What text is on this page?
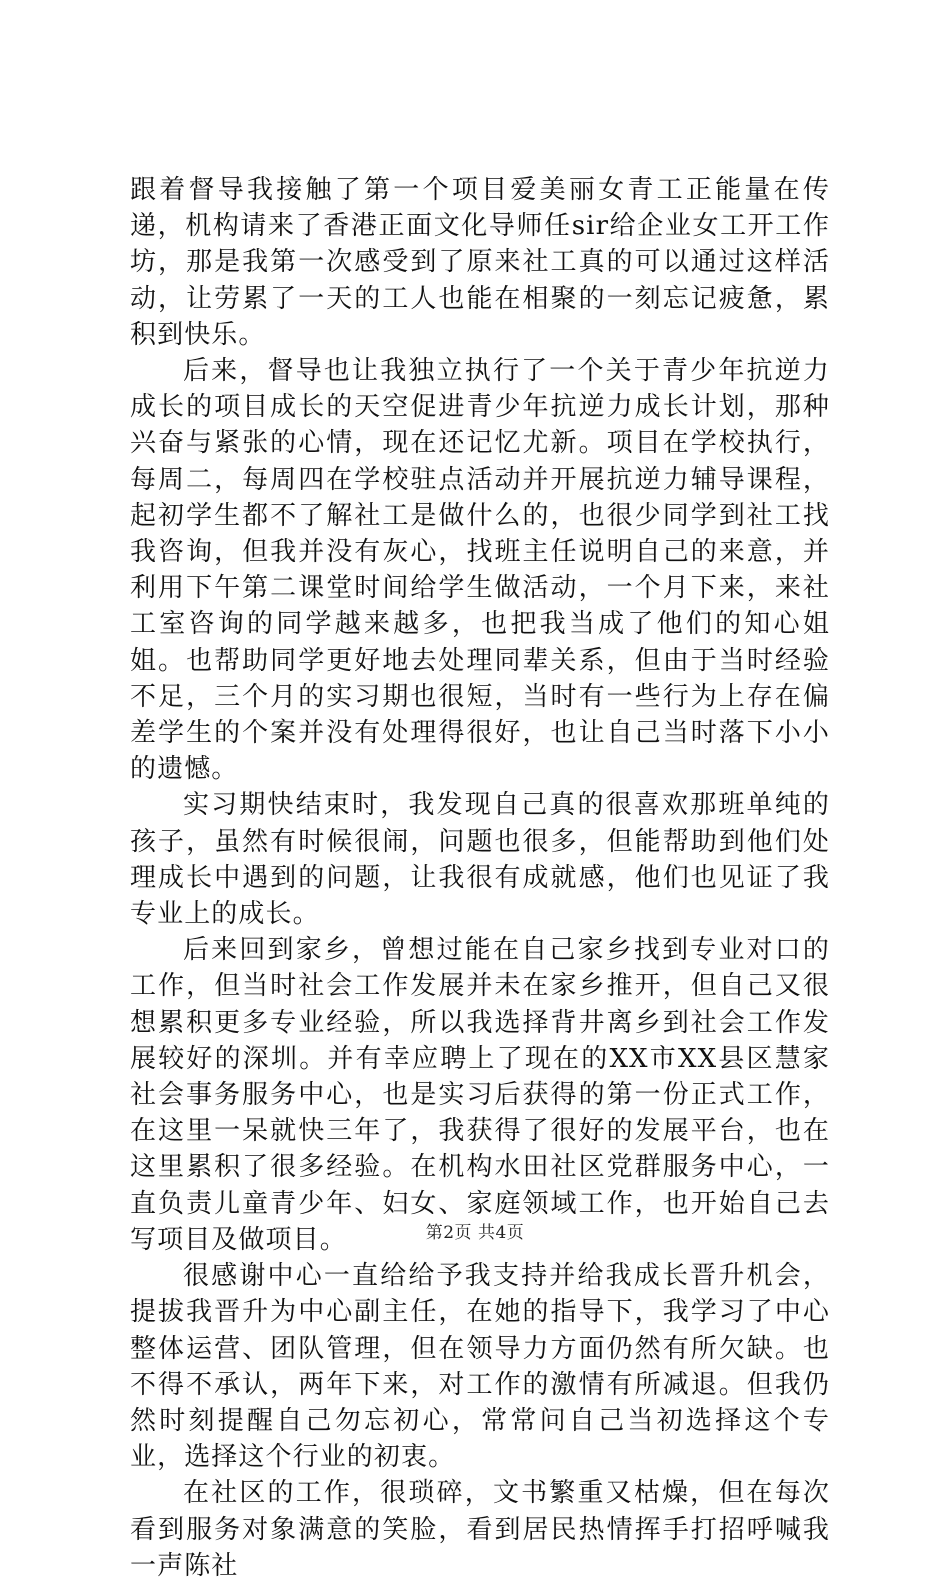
跟着督导我接触了第一个项目爱美丽女青工正能量在传递，机构请来了香港正面文化导师任sir给企业女工开工作坊，那是我第一次感受到了原来社工真的可以通过这样活动，让劳累了一天的工人也能在相聚的一刻忘记疲惫，累积到快乐。

后来，督导也让我独立执行了一个关于青少年抗逆力成长的项目成长的天空促进青少年抗逆力成长计划，那种兴奋与紧张的心情，现在还记忆尤新。项目在学校执行，每周二，每周四在学校驻点活动并开展抗逆力辅导课程，起初学生都不了解社工是做什么的，也很少同学到社工找我咨询，但我并没有灰心，找班主任说明自己的来意，并利用下午第二课堂时间给学生做活动，一个月下来，来社工室咨询的同学越来越多，也把我当成了他们的知心姐姐。也帮助同学更好地去处理同辈关系，但由于当时经验不足，三个月的实习期也很短，当时有一些行为上存在偏差学生的个案并没有处理得很好，也让自己当时落下小小的遗憾。

实习期快结束时，我发现自己真的很喜欢那班单纯的孩子，虽然有时候很闹，问题也很多，但能帮助到他们处理成长中遇到的问题，让我很有成就感，他们也见证了我专业上的成长。

后来回到家乡，曾想过能在自己家乡找到专业对口的工作，但当时社会工作发展并未在家乡推开，但自己又很想累积更多专业经验，所以我选择背井离乡到社会工作发展较好的深圳。并有幸应聘上了现在的XX市XX县区慧家社会事务服务中心，也是实习后获得的第一份正式工作，在这里一呆就快三年了，我获得了很好的发展平台，也在这里累积了很多经验。在机构水田社区党群服务中心，一直负责儿童青少年、妇女、家庭领域工作，也开始自己去写项目及做项目。

很感谢中心一直给给予我支持并给我成长晋升机会，提拔我晋升为中心副主任，在她的指导下，我学习了中心整体运营、团队管理，但在领导力方面仍然有所欠缺。也不得不承认，两年下来，对工作的激情有所减退。但我仍然时刻提醒自己勿忘初心，常常问自己当初选择这个专业，选择这个行业的初衷。

在社区的工作，很琐碎，文书繁重又枯燥，但在每次看到服务对象满意的笑脸，看到居民热情挥手打招呼喊我一声陈社

第2页 共4页
